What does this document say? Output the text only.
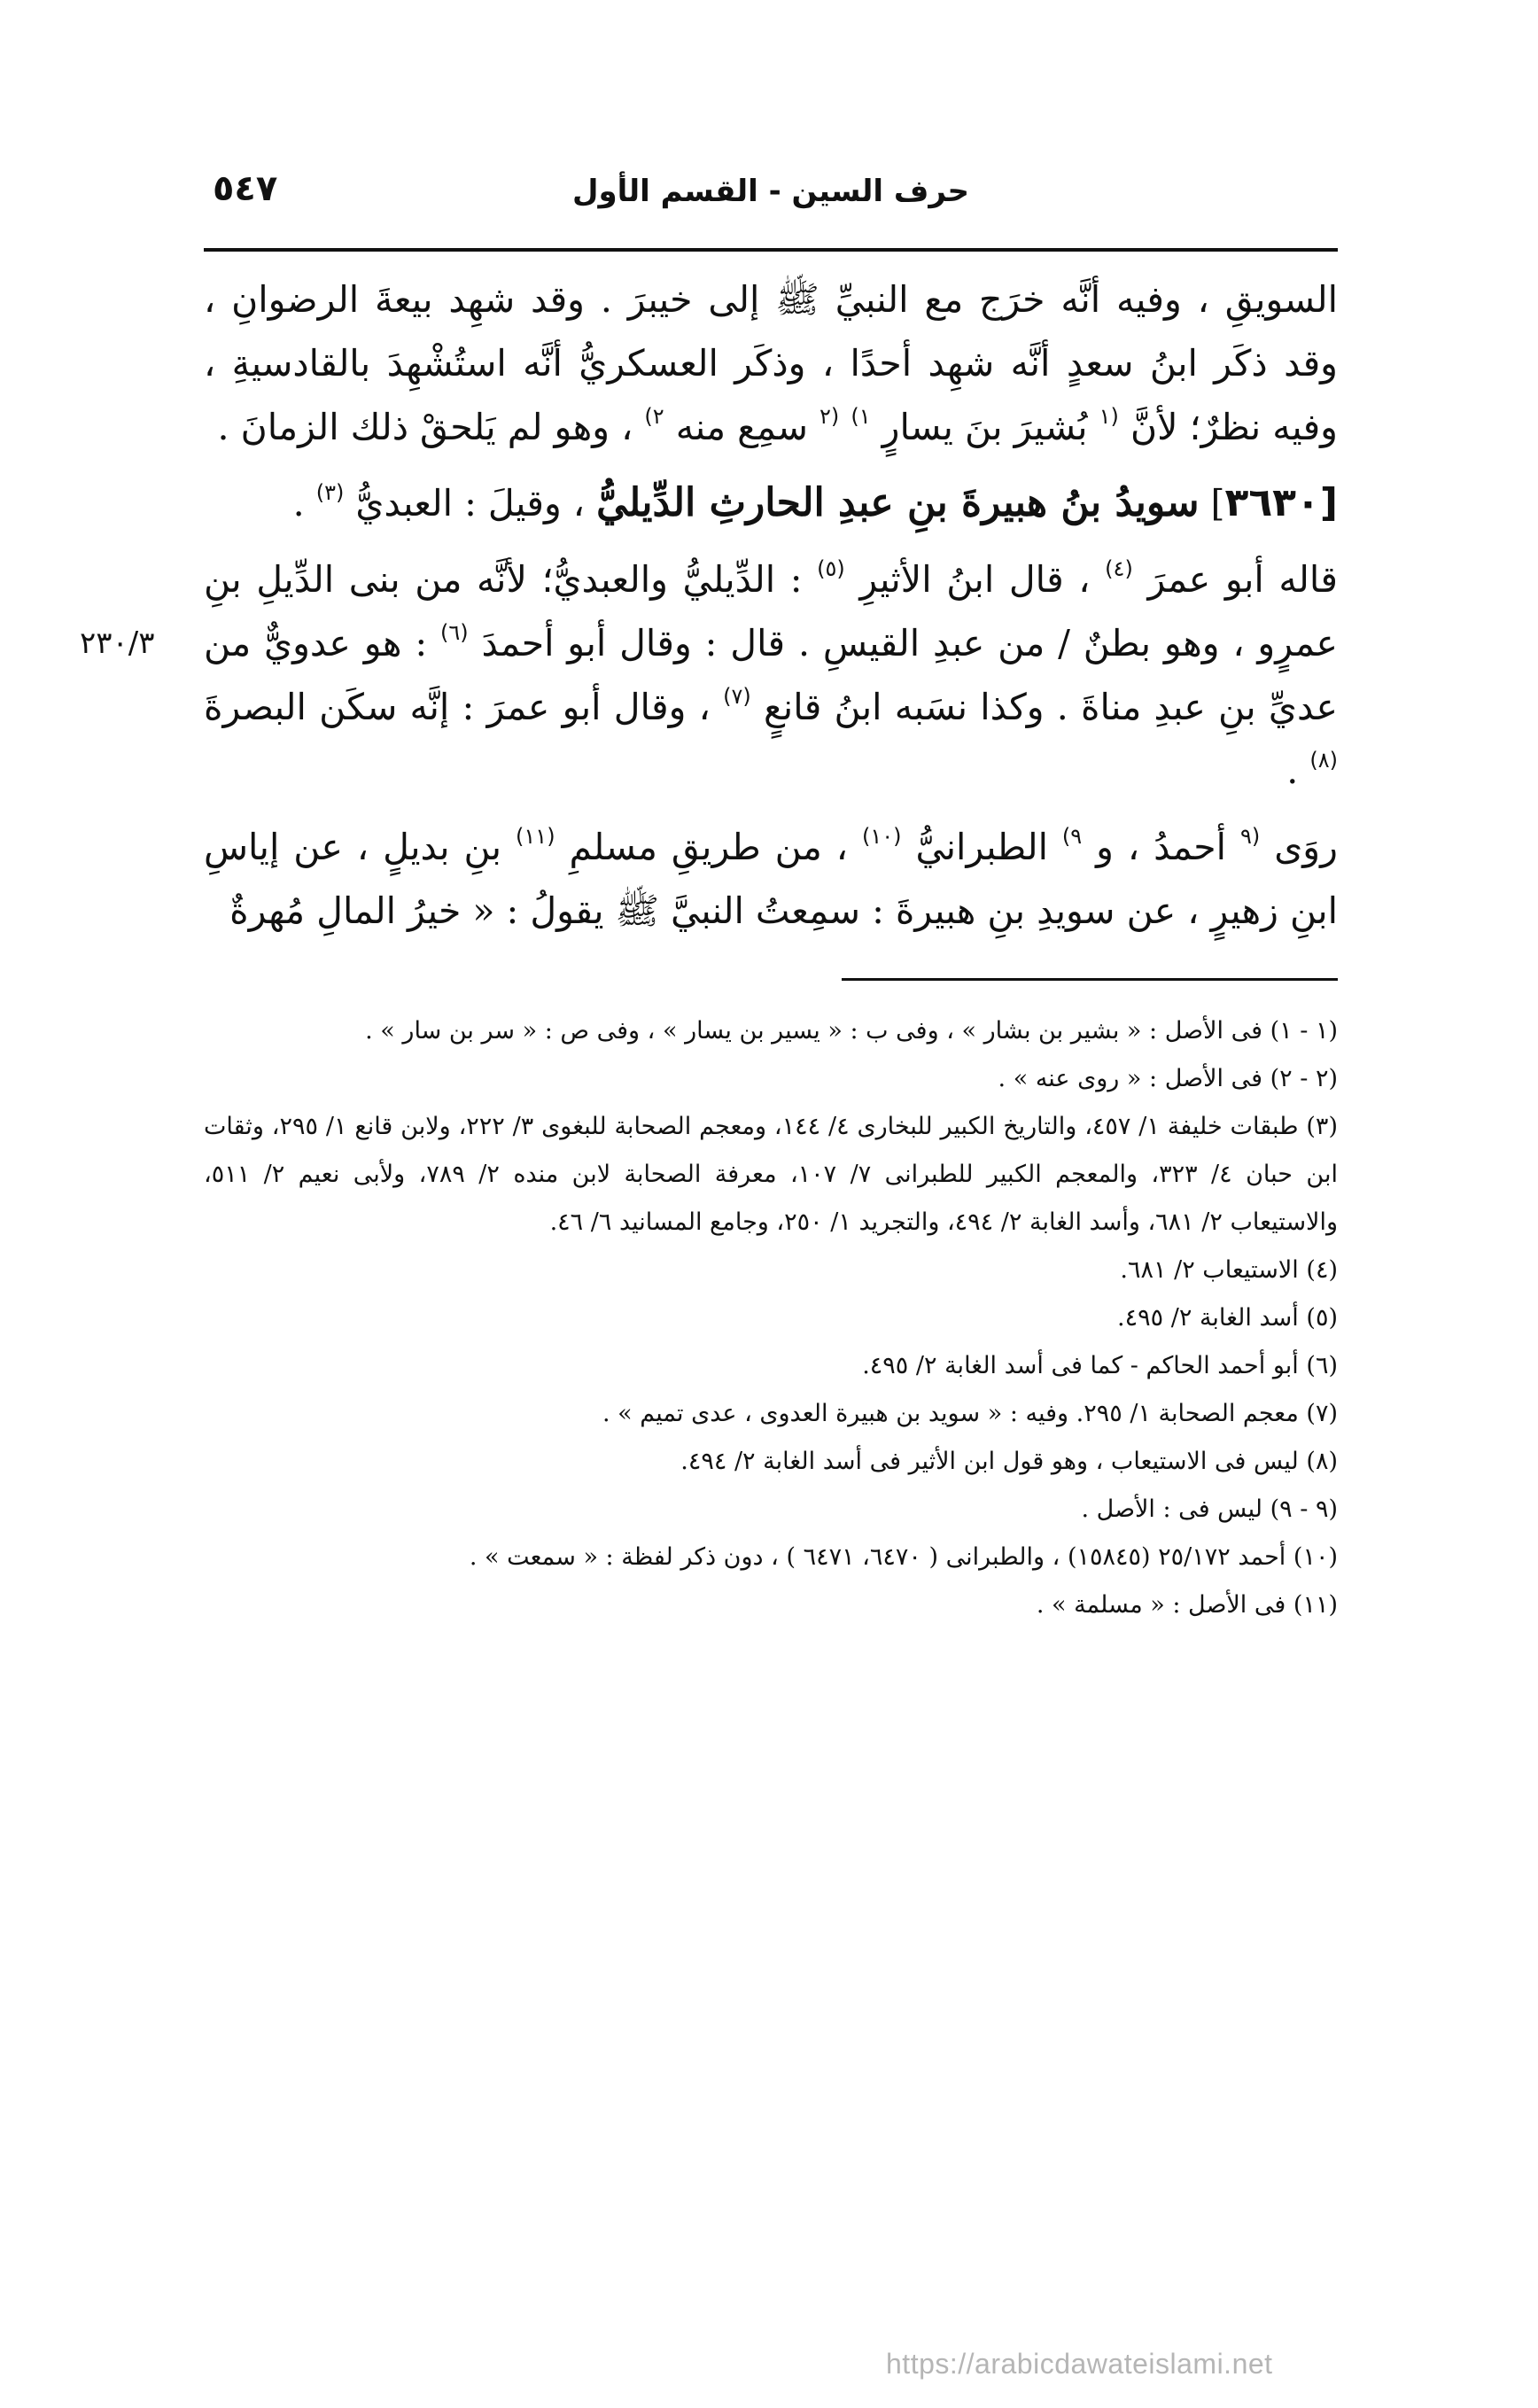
حرف السين - القسم الأول
٥٤٧

السويقِ ، وفيه أنَّه خرَج مع النبيِّ ﷺ إلى خيبرَ . وقد شهِد بيعةَ الرضوانِ ، وقد ذكَر ابنُ سعدٍ أنَّه شهِد أحدًا ، وذكَر العسكريُّ أنَّه استُشْهِدَ بالقادسيةِ ، وفيه نظرٌ؛ لأنَّ $^{(١}$ بُشيرَ بنَ يسارٍ $^{١)}$ $^{(٢}$ سمِع منه $^{٢)}$ ، وهو لم يَلحقْ ذلك الزمانَ .

[٣٦٣٠] سويدُ بنُ هبيرةَ بنِ عبدِ الحارثِ الدِّيليُّ ، وقيلَ : العبديُّ $^{(٣)}$ .

٢٣٠/٣
قاله أبو عمرَ $^{(٤)}$ ، قال ابنُ الأثيرِ $^{(٥)}$ : الدِّيليُّ والعبديُّ؛ لأنَّه من بنى الدِّيلِ بنِ عمرٍو ، وهو بطنٌ / من عبدِ القيسِ . قال : وقال أبو أحمدَ $^{(٦)}$ : هو عدويٌّ من عديِّ بنِ عبدِ مناةَ . وكذا نسَبه ابنُ قانعٍ $^{(٧)}$ ، وقال أبو عمرَ : إنَّه سكَن البصرةَ $^{(٨)}$ .

روَى $^{(٩}$ أحمدُ ، و $^{٩)}$ الطبرانيُّ $^{(١٠)}$ ، من طريقِ مسلمِ $^{(١١)}$ بنِ بديلٍ ، عن إياسِ ابنِ زهيرٍ ، عن سويدِ بنِ هبيرةَ : سمِعتُ النبيَّ ﷺ يقولُ : « خيرُ المالِ مُهرةٌ

(١ - ١) فى الأصل : « بشير بن بشار » ، وفى ب : « يسير بن يسار » ، وفى ص : « سر بن سار » .

(٢ - ٢) فى الأصل : « روى عنه » .

(٣) طبقات خليفة ١/ ٤٥٧، والتاريخ الكبير للبخارى ٤/ ١٤٤، ومعجم الصحابة للبغوى ٣/ ٢٢٢، ولابن قانع ١/ ٢٩٥، وثقات ابن حبان ٤/ ٣٢٣، والمعجم الكبير للطبرانى ٧/ ١٠٧، معرفة الصحابة لابن منده ٢/ ٧٨٩، ولأبى نعيم ٢/ ٥١١، والاستيعاب ٢/ ٦٨١، وأسد الغابة ٢/ ٤٩٤، والتجريد ١/ ٢٥٠، وجامع المسانيد ٦/ ٤٦.

(٤) الاستيعاب ٢/ ٦٨١.

(٥) أسد الغابة ٢/ ٤٩٥.

(٦) أبو أحمد الحاكم - كما فى أسد الغابة ٢/ ٤٩٥.

(٧) معجم الصحابة ١/ ٢٩٥. وفيه : « سويد بن هبيرة العدوى ، عدى تميم » .

(٨) ليس فى الاستيعاب ، وهو قول ابن الأثير فى أسد الغابة ٢/ ٤٩٤.

(٩ - ٩) ليس فى : الأصل .

(١٠) أحمد ٢٥/١٧٢ (١٥٨٤٥) ، والطبرانى ( ٦٤٧٠، ٦٤٧١ ) ، دون ذكر لفظة : « سمعت » .

(١١) فى الأصل : « مسلمة » .

https://arabicdawateislami.net
